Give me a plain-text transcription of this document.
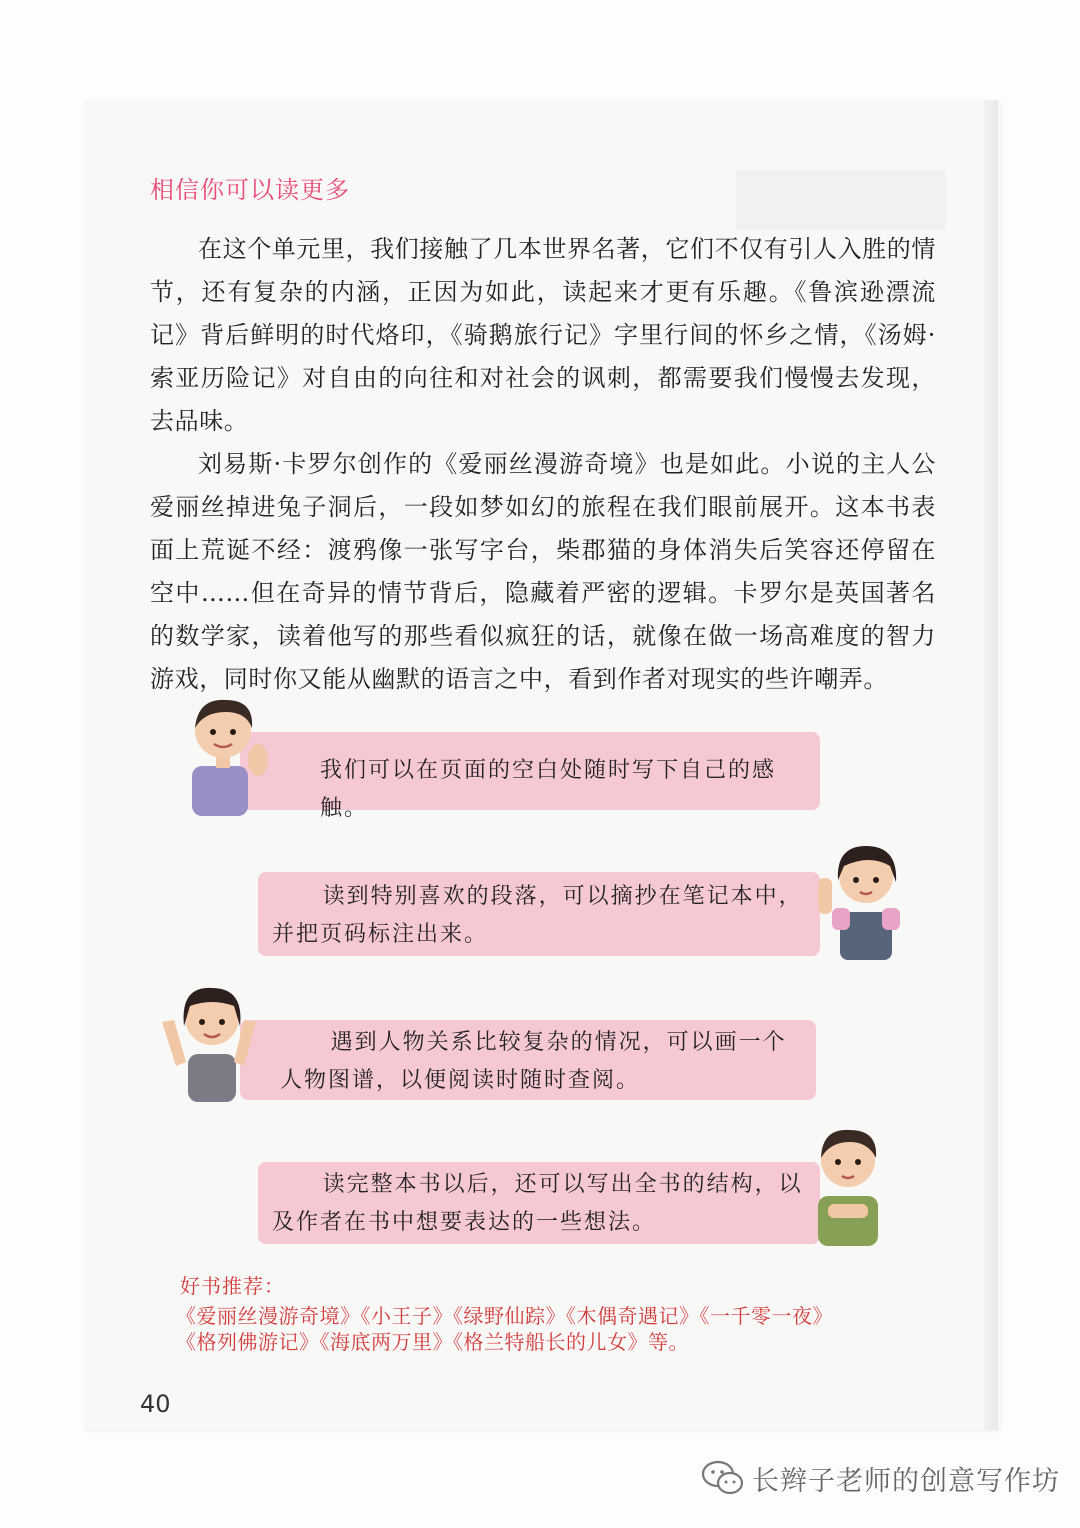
相信你可以读更多

在这个单元里，我们接触了几本世界名著，它们不仅有引人入胜的情节，还有复杂的内涵，正因为如此，读起来才更有乐趣。《鲁滨逊漂流记》背后鲜明的时代烙印，《骑鹅旅行记》字里行间的怀乡之情，《汤姆·索亚历险记》对自由的向往和对社会的讽刺，都需要我们慢慢去发现，去品味。

刘易斯·卡罗尔创作的《爱丽丝漫游奇境》也是如此。小说的主人公爱丽丝掉进兔子洞后，一段如梦如幻的旅程在我们眼前展开。这本书表面上荒诞不经：渡鸦像一张写字台，柴郡猫的身体消失后笑容还停留在空中……但在奇异的情节背后，隐藏着严密的逻辑。卡罗尔是英国著名的数学家，读着他写的那些看似疯狂的话，就像在做一场高难度的智力游戏，同时你又能从幽默的语言之中，看到作者对现实的些许嘲弄。

我们可以在页面的空白处随时写下自己的感触。

读到特别喜欢的段落，可以摘抄在笔记本中，并把页码标注出来。

遇到人物关系比较复杂的情况，可以画一个人物图谱，以便阅读时随时查阅。

读完整本书以后，还可以写出全书的结构，以及作者在书中想要表达的一些想法。

好书推荐：
《爱丽丝漫游奇境》《小王子》《绿野仙踪》《木偶奇遇记》《一千零一夜》
《格列佛游记》《海底两万里》《格兰特船长的儿女》等。
40
长辫子老师的创意写作坊
